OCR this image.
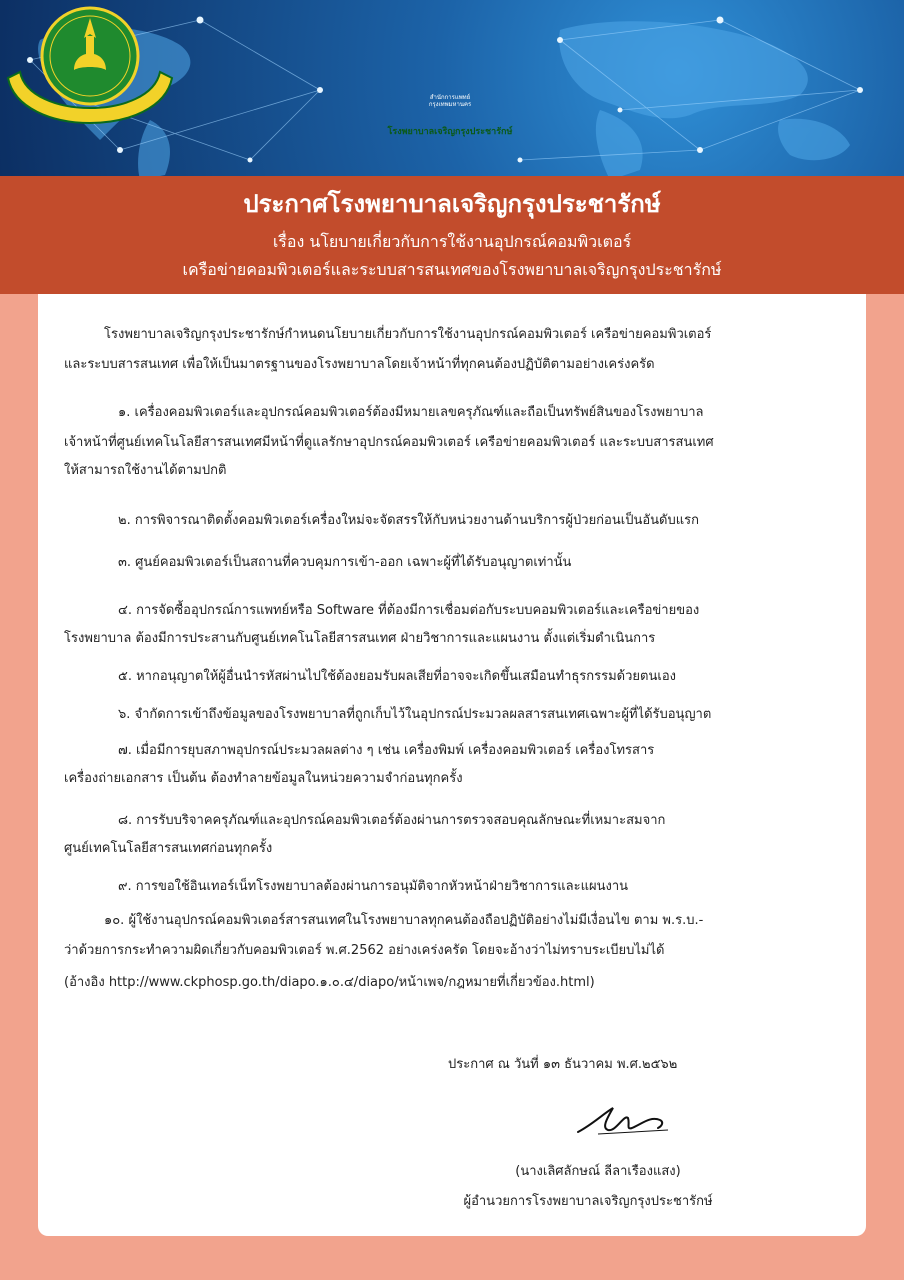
สำนักการแพทย์
กรุงเทพมหานคร
โรงพยาบาลเจริญกรุงประชารักษ์
ประกาศโรงพยาบาลเจริญกรุงประชารักษ์
เรื่อง นโยบายเกี่ยวกับการใช้งานอุปกรณ์คอมพิวเตอร์
เครือข่ายคอมพิวเตอร์และระบบสารสนเทศของโรงพยาบาลเจริญกรุงประชารักษ์
โรงพยาบาลเจริญกรุงประชารักษ์กำหนดนโยบายเกี่ยวกับการใช้งานอุปกรณ์คอมพิวเตอร์ เครือข่ายคอมพิวเตอร์
และระบบสารสนเทศ เพื่อให้เป็นมาตรฐานของโรงพยาบาลโดยเจ้าหน้าที่ทุกคนต้องปฏิบัติตามอย่างเคร่งครัด
๑. เครื่องคอมพิวเตอร์และอุปกรณ์คอมพิวเตอร์ต้องมีหมายเลขครุภัณฑ์และถือเป็นทรัพย์สินของโรงพยาบาล
เจ้าหน้าที่ศูนย์เทคโนโลยีสารสนเทศมีหน้าที่ดูแลรักษาอุปกรณ์คอมพิวเตอร์ เครือข่ายคอมพิวเตอร์ และระบบสารสนเทศ
ให้สามารถใช้งานได้ตามปกติ
๒. การพิจารณาติดตั้งคอมพิวเตอร์เครื่องใหม่จะจัดสรรให้กับหน่วยงานด้านบริการผู้ป่วยก่อนเป็นอันดับแรก
๓. ศูนย์คอมพิวเตอร์เป็นสถานที่ควบคุมการเข้า-ออก เฉพาะผู้ที่ได้รับอนุญาตเท่านั้น
๔. การจัดซื้ออุปกรณ์การแพทย์หรือ Software ที่ต้องมีการเชื่อมต่อกับระบบคอมพิวเตอร์และเครือข่ายของ
โรงพยาบาล ต้องมีการประสานกับศูนย์เทคโนโลยีสารสนเทศ ฝ่ายวิชาการและแผนงาน ตั้งแต่เริ่มดำเนินการ
๕. หากอนุญาตให้ผู้อื่นนำรหัสผ่านไปใช้ต้องยอมรับผลเสียที่อาจจะเกิดขึ้นเสมือนทำธุรกรรมด้วยตนเอง
๖. จำกัดการเข้าถึงข้อมูลของโรงพยาบาลที่ถูกเก็บไว้ในอุปกรณ์ประมวลผลสารสนเทศเฉพาะผู้ที่ได้รับอนุญาต
๗. เมื่อมีการยุบสภาพอุปกรณ์ประมวลผลต่าง ๆ เช่น เครื่องพิมพ์ เครื่องคอมพิวเตอร์ เครื่องโทรสาร
เครื่องถ่ายเอกสาร เป็นต้น ต้องทำลายข้อมูลในหน่วยความจำก่อนทุกครั้ง
๘. การรับบริจาคครุภัณฑ์และอุปกรณ์คอมพิวเตอร์ต้องผ่านการตรวจสอบคุณลักษณะที่เหมาะสมจาก
ศูนย์เทคโนโลยีสารสนเทศก่อนทุกครั้ง
๙. การขอใช้อินเทอร์เน็ทโรงพยาบาลต้องผ่านการอนุมัติจากหัวหน้าฝ่ายวิชาการและแผนงาน
๑๐. ผู้ใช้งานอุปกรณ์คอมพิวเตอร์สารสนเทศในโรงพยาบาลทุกคนต้องถือปฏิบัติอย่างไม่มีเงื่อนไข ตาม พ.ร.บ.-
ว่าด้วยการกระทำความผิดเกี่ยวกับคอมพิวเตอร์ พ.ศ.2562 อย่างเคร่งครัด โดยจะอ้างว่าไม่ทราบระเบียบไม่ได้
(อ้างอิง http://www.ckphosp.go.th/diapo.๑.๐.๔/diapo/หน้าเพจ/กฎหมายที่เกี่ยวข้อง.html)
ประกาศ ณ วันที่ ๑๓ ธันวาคม พ.ศ.๒๕๖๒
(นางเลิศลักษณ์ ลีลาเรืองแสง)
ผู้อำนวยการโรงพยาบาลเจริญกรุงประชารักษ์
